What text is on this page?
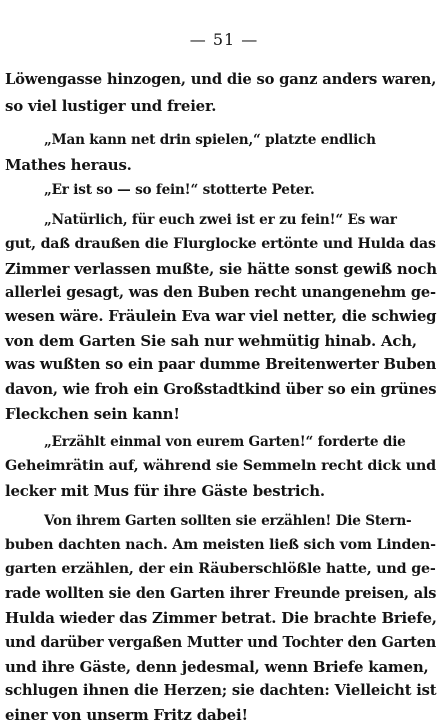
— 51 —
Löwengasse hinzogen, und die so ganz anders waren,
so viel lustiger und freier.
„Man kann net drin spielen,“ platzte endlich
Mathes heraus.
„Er ist so — so fein!“ stotterte Peter.
„Natürlich, für euch zwei ist er zu fein!“ Es war
gut, daß draußen die Flurglocke ertönte und Hulda das
Zimmer verlassen mußte, sie hätte sonst gewiß noch
allerlei gesagt, was den Buben recht unangenehm ge-
wesen wäre. Fräulein Eva war viel netter, die schwieg
von dem Garten Sie sah nur wehmütig hinab. Ach,
was wußten so ein paar dumme Breitenwerter Buben
davon, wie froh ein Großstadtkind über so ein grünes
Fleckchen sein kann!
„Erzählt einmal von eurem Garten!“ forderte die
Geheimrätin auf, während sie Semmeln recht dick und
lecker mit Mus für ihre Gäste bestrich.
Von ihrem Garten sollten sie erzählen! Die Stern-
buben dachten nach. Am meisten ließ sich vom Linden-
garten erzählen, der ein Räuberschlößle hatte, und ge-
rade wollten sie den Garten ihrer Freunde preisen, als
Hulda wieder das Zimmer betrat. Die brachte Briefe,
und darüber vergaßen Mutter und Tochter den Garten
und ihre Gäste, denn jedesmal, wenn Briefe kamen,
schlugen ihnen die Herzen; sie dachten: Vielleicht ist
einer von unserm Fritz dabei!
